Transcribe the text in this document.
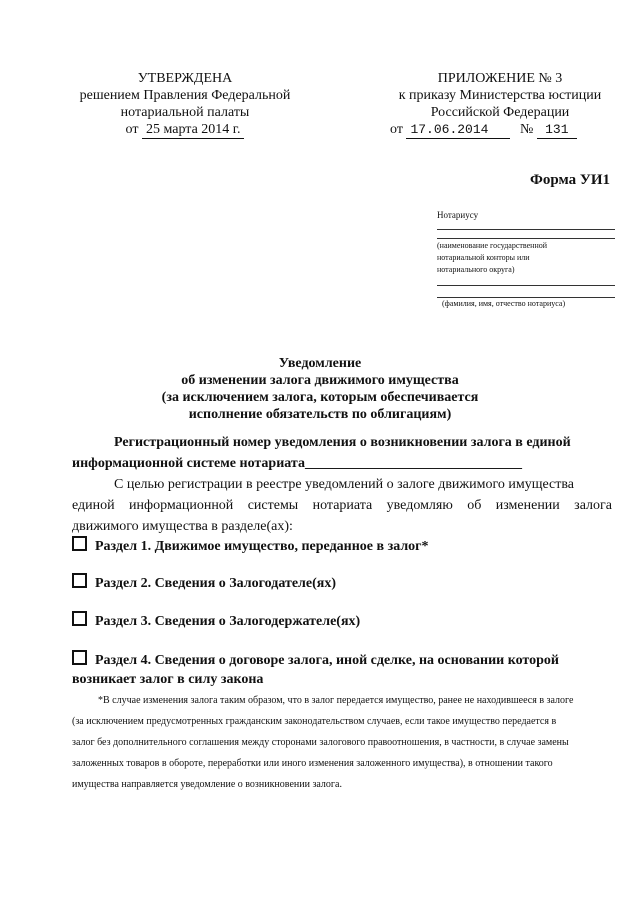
УТВЕРЖДЕНА
решением Правления Федеральной
нотариальной палаты
от 25 марта 2014 г.
ПРИЛОЖЕНИЕ № 3
к приказу Министерства юстиции
Российской Федерации
от 17.06.2014 № 131
Форма УИ1
Нотариусу
(наименование государственной
нотариальной конторы или
нотариального округа)
(фамилия, имя, отчество нотариуса)
Уведомление
об изменении залога движимого имущества
(за исключением залога, которым обеспечивается
исполнение обязательств по облигациям)
Регистрационный номер уведомления о возникновении залога в единой
информационной системе нотариата_______________________________
С целью регистрации в реестре уведомлений о залоге движимого имущества
единой информационной системы нотариата уведомляю об изменении залога
движимого имущества в разделе(ах):
Раздел 1. Движимое имущество, переданное в залог*
Раздел 2. Сведения о Залогодателе(ях)
Раздел 3. Сведения о Залогодержателе(ях)
Раздел 4. Сведения о договоре залога, иной сделке, на основании которой
возникает залог в силу закона
*В случае изменения залога таким образом, что в залог передается имущество, ранее не находившееся в залоге
(за исключением предусмотренных гражданским законодательством случаев, если такое имущество передается в
залог без дополнительного соглашения между сторонами залогового правоотношения, в частности, в случае замены
заложенных товаров в обороте, переработки или иного изменения заложенного имущества), в отношении такого
имущества направляется уведомление о возникновении залога.
